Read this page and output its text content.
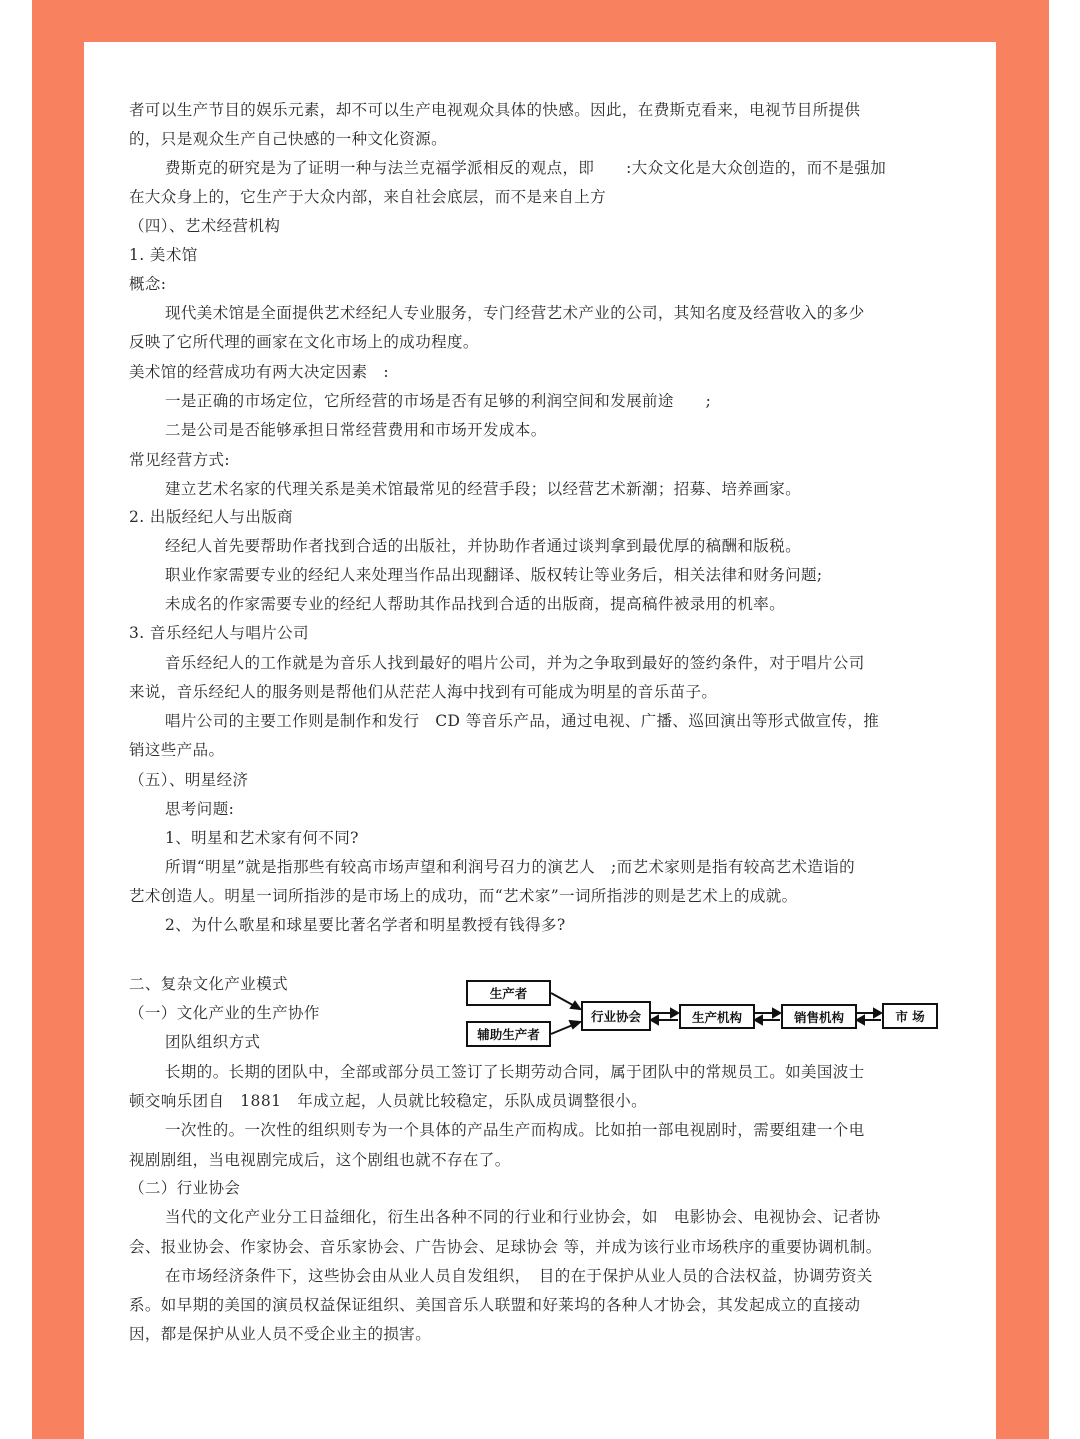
者可以生产节目的娱乐元素，却不可以生产电视观众具体的快感。因此，在费斯克看来，电视节目所提供
的，只是观众生产自己快感的一种文化资源。
费斯克的研究是为了证明一种与法兰克福学派相反的观点，即　　:大众文化是大众创造的，而不是强加
在大众身上的，它生产于大众内部，来自社会底层，而不是来自上方
（四）、艺术经营机构
1. 美术馆
概念:
现代美术馆是全面提供艺术经纪人专业服务，专门经营艺术产业的公司，其知名度及经营收入的多少
反映了它所代理的画家在文化市场上的成功程度。
美术馆的经营成功有两大决定因素　:
一是正确的市场定位，它所经营的市场是否有足够的利润空间和发展前途　　;
二是公司是否能够承担日常经营费用和市场开发成本。
常见经营方式:
建立艺术名家的代理关系是美术馆最常见的经营手段；以经营艺术新潮；招募、培养画家。
2. 出版经纪人与出版商
经纪人首先要帮助作者找到合适的出版社，并协助作者通过谈判拿到最优厚的稿酬和版税。
职业作家需要专业的经纪人来处理当作品出现翻译、版权转让等业务后，相关法律和财务问题;
未成名的作家需要专业的经纪人帮助其作品找到合适的出版商，提高稿件被录用的机率。
3. 音乐经纪人与唱片公司
音乐经纪人的工作就是为音乐人找到最好的唱片公司，并为之争取到最好的签约条件，对于唱片公司
来说，音乐经纪人的服务则是帮他们从茫茫人海中找到有可能成为明星的音乐苗子。
唱片公司的主要工作则是制作和发行　CD 等音乐产品，通过电视、广播、巡回演出等形式做宣传，推
销这些产品。
（五）、明星经济
思考问题:
1、明星和艺术家有何不同?
所谓“明星”就是指那些有较高市场声望和利润号召力的演艺人　;而艺术家则是指有较高艺术造诣的
艺术创造人。明星一词所指涉的是市场上的成功，而“艺术家”一词所指涉的则是艺术上的成就。
2、为什么歌星和球星要比著名学者和明星教授有钱得多?
二、复杂文化产业模式
（一）文化产业的生产协作
团队组织方式
长期的。长期的团队中，全部或部分员工签订了长期劳动合同，属于团队中的常规员工。如美国波士
顿交响乐团自　1881　年成立起，人员就比较稳定，乐队成员调整很小。
一次性的。一次性的组织则专为一个具体的产品生产而构成。比如拍一部电视剧时，需要组建一个电
视剧剧组，当电视剧完成后，这个剧组也就不存在了。
（二）行业协会
当代的文化产业分工日益细化，衍生出各种不同的行业和行业协会，如　电影协会、电视协会、记者协
会、报业协会、作家协会、音乐家协会、广告协会、足球协会 等，并成为该行业市场秩序的重要协调机制。
在市场经济条件下，这些协会由从业人员自发组织，　目的在于保护从业人员的合法权益，协调劳资关
系。如早期的美国的演员权益保证组织、美国音乐人联盟和好莱坞的各种人才协会，其发起成立的直接动
因，都是保护从业人员不受企业主的损害。
生产者
辅助生产者
行业协会	生产机构	销售机构	市 场
